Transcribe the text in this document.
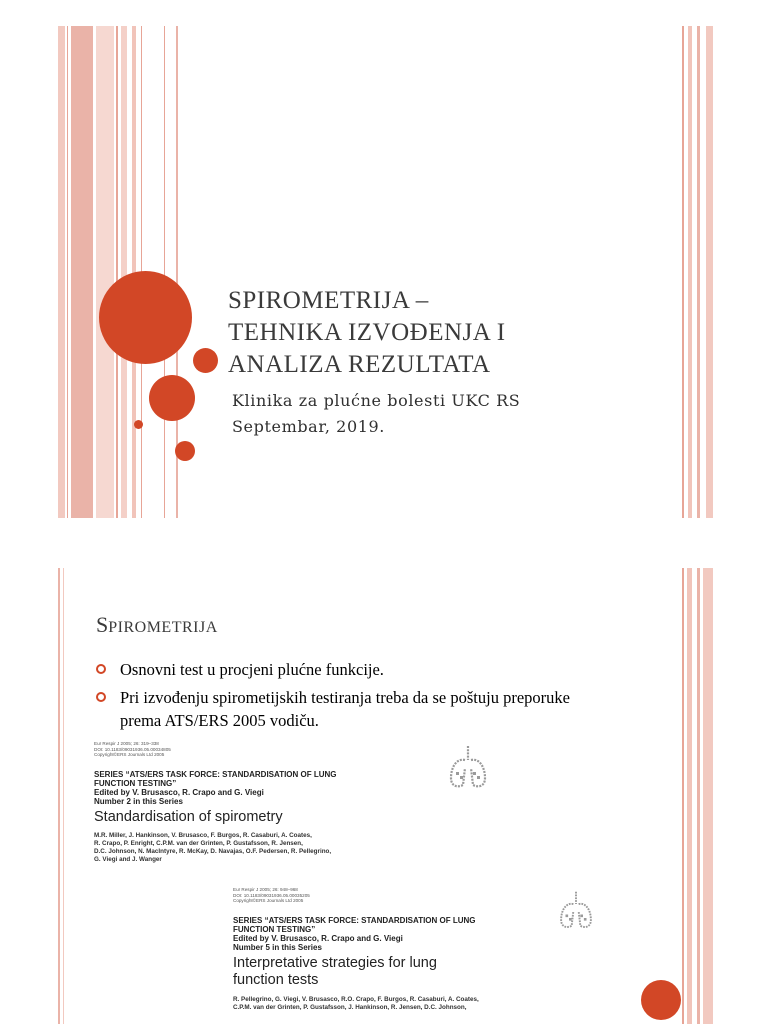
SPIROMETRIJA –
TEHNIKA IZVOĐENJA I
ANALIZA REZULTATA
Klinika za plućne bolesti UKC RS
Septembar, 2019.
SPIROMETRIJA
Osnovni test u procjeni plućne funkcije.
Pri izvođenju spirometijskih testiranja treba da se poštuju preporuke
prema ATS/ERS 2005 vodiču.
Eur Respir J 2005; 26: 319–338
DOI: 10.1183/09031936.05.00034805
Copyright©ERS Journals Ltd 2005
SERIES “ATS/ERS TASK FORCE: STANDARDISATION OF LUNG
FUNCTION TESTING”
Edited by V. Brusasco, R. Crapo and G. Viegi
Number 2 in this Series
Standardisation of spirometry
M.R. Miller, J. Hankinson, V. Brusasco, F. Burgos, R. Casaburi, A. Coates,
R. Crapo, P. Enright, C.P.M. van der Grinten, P. Gustafsson, R. Jensen,
D.C. Johnson, N. MacIntyre, R. McKay, D. Navajas, O.F. Pedersen, R. Pellegrino,
G. Viegi and J. Wanger
Eur Respir J 2005; 26: 948–968
DOI: 10.1183/09031936.05.00035205
Copyright©ERS Journals Ltd 2005
SERIES “ATS/ERS TASK FORCE: STANDARDISATION OF LUNG
FUNCTION TESTING”
Edited by V. Brusasco, R. Crapo and G. Viegi
Number 5 in this Series
Interpretative strategies for lung
function tests
R. Pellegrino, G. Viegi, V. Brusasco, R.O. Crapo, F. Burgos, R. Casaburi, A. Coates,
C.P.M. van der Grinten, P. Gustafsson, J. Hankinson, R. Jensen, D.C. Johnson,
